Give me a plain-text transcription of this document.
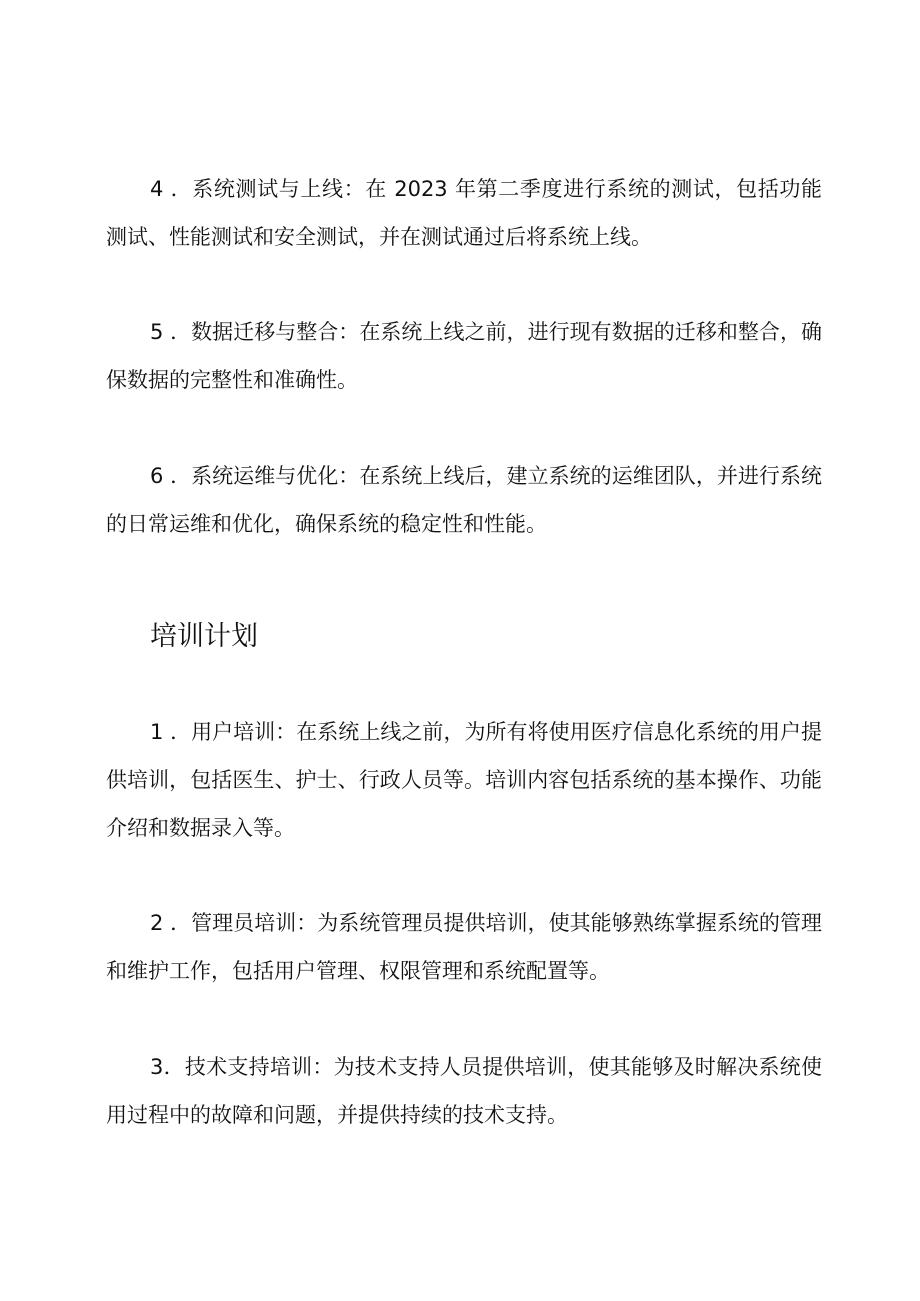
4 ．系统测试与上线：在 2023 年第二季度进行系统的测试，包括功能测试、性能测试和安全测试，并在测试通过后将系统上线。

5 ．数据迁移与整合：在系统上线之前，进行现有数据的迁移和整合，确保数据的完整性和准确性。

6 ．系统运维与优化：在系统上线后，建立系统的运维团队，并进行系统的日常运维和优化，确保系统的稳定性和性能。

培训计划

1 ．用户培训：在系统上线之前，为所有将使用医疗信息化系统的用户提供培训，包括医生、护士、行政人员等。培训内容包括系统的基本操作、功能介绍和数据录入等。

2 ．管理员培训：为系统管理员提供培训，使其能够熟练掌握系统的管理和维护工作，包括用户管理、权限管理和系统配置等。

3．技术支持培训：为技术支持人员提供培训，使其能够及时解决系统使用过程中的故障和问题，并提供持续的技术支持。
